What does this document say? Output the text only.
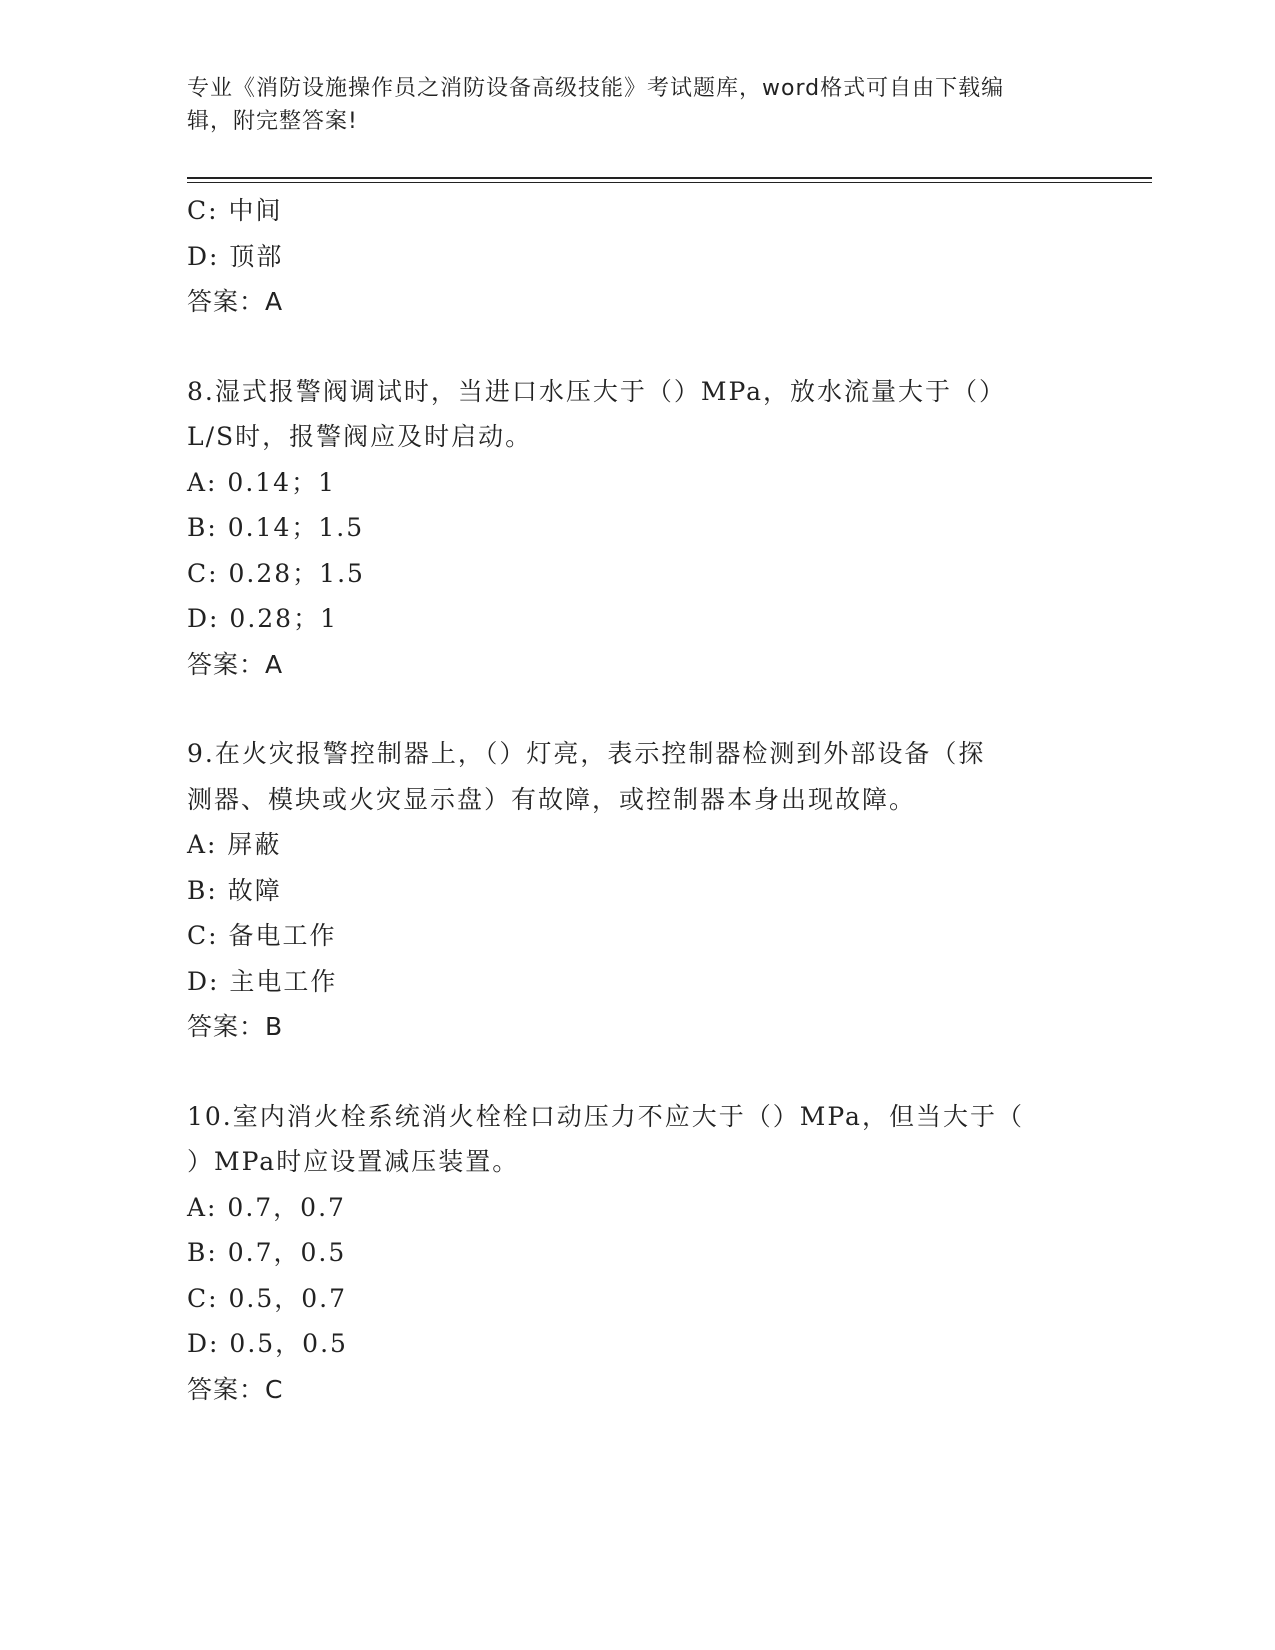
专业《消防设施操作员之消防设备高级技能》考试题库，word格式可自由下载编
辑，附完整答案!

C: 中间

D: 顶部

答案：A

8.湿式报警阀调试时，当进口水压大于（）MPa，放水流量大于（）

L/S时，报警阀应及时启动。

A: 0.14；1

B: 0.14；1.5

C: 0.28；1.5

D: 0.28；1

答案：A

9.在火灾报警控制器上，（）灯亮，表示控制器检测到外部设备（探

测器、模块或火灾显示盘）有故障，或控制器本身出现故障。

A: 屏蔽

B: 故障

C: 备电工作

D: 主电工作

答案：B

10.室内消火栓系统消火栓栓口动压力不应大于（）MPa，但当大于（

）MPa时应设置减压装置。

A: 0.7，0.7

B: 0.7，0.5

C: 0.5，0.7

D: 0.5，0.5

答案：C
